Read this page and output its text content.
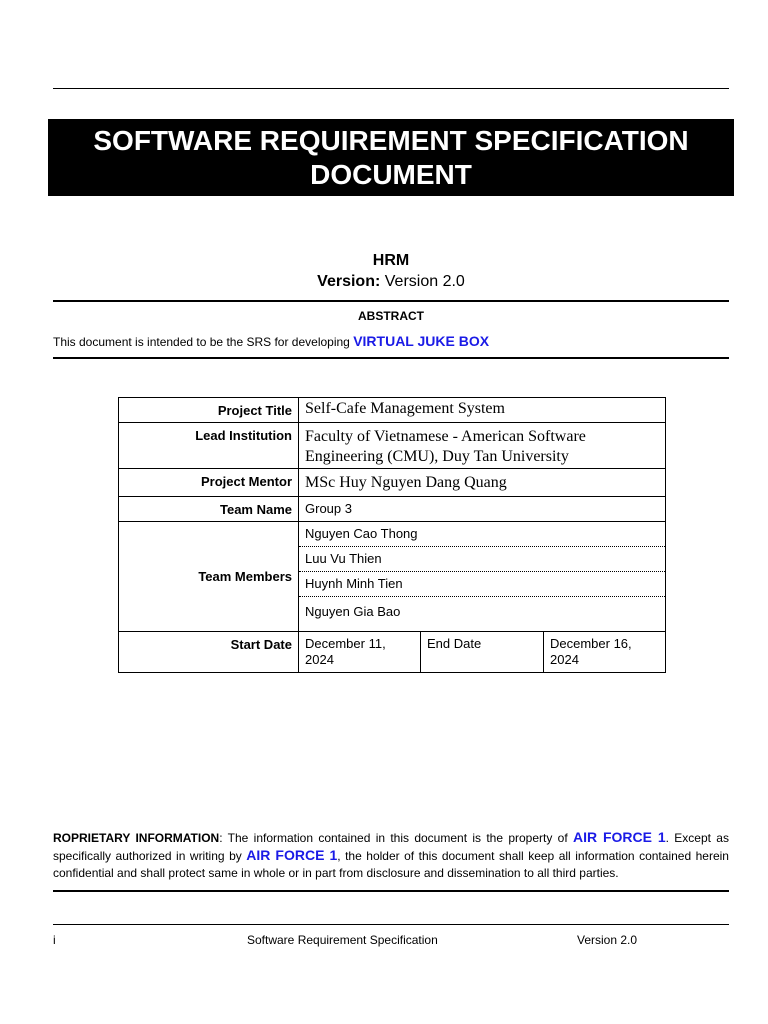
SOFTWARE REQUIREMENT SPECIFICATION DOCUMENT
HRM
Version: Version 2.0
ABSTRACT
This document is intended to be the SRS for developing VIRTUAL JUKE BOX
Project Title	Self-Cafe Management System		
Lead Institution	Faculty of Vietnamese - American Software Engineering (CMU), Duy Tan University		
Project Mentor	MSc Huy Nguyen Dang Quang		
Team Name	Group 3		
Team Members	Nguyen Cao Thong
Luu Vu Thien
Huynh Minh Tien
Nguyen Gia Bao		

Start Date	December 11, 2024	End Date	December 16, 2024
ROPRIETARY INFORMATION: The information contained in this document is the property of AIR FORCE 1. Except as specifically authorized in writing by AIR FORCE 1, the holder of this document shall keep all information contained herein confidential and shall protect same in whole or in part from disclosure and dissemination to all third parties.
i	Software Requirement Specification	Version 2.0
